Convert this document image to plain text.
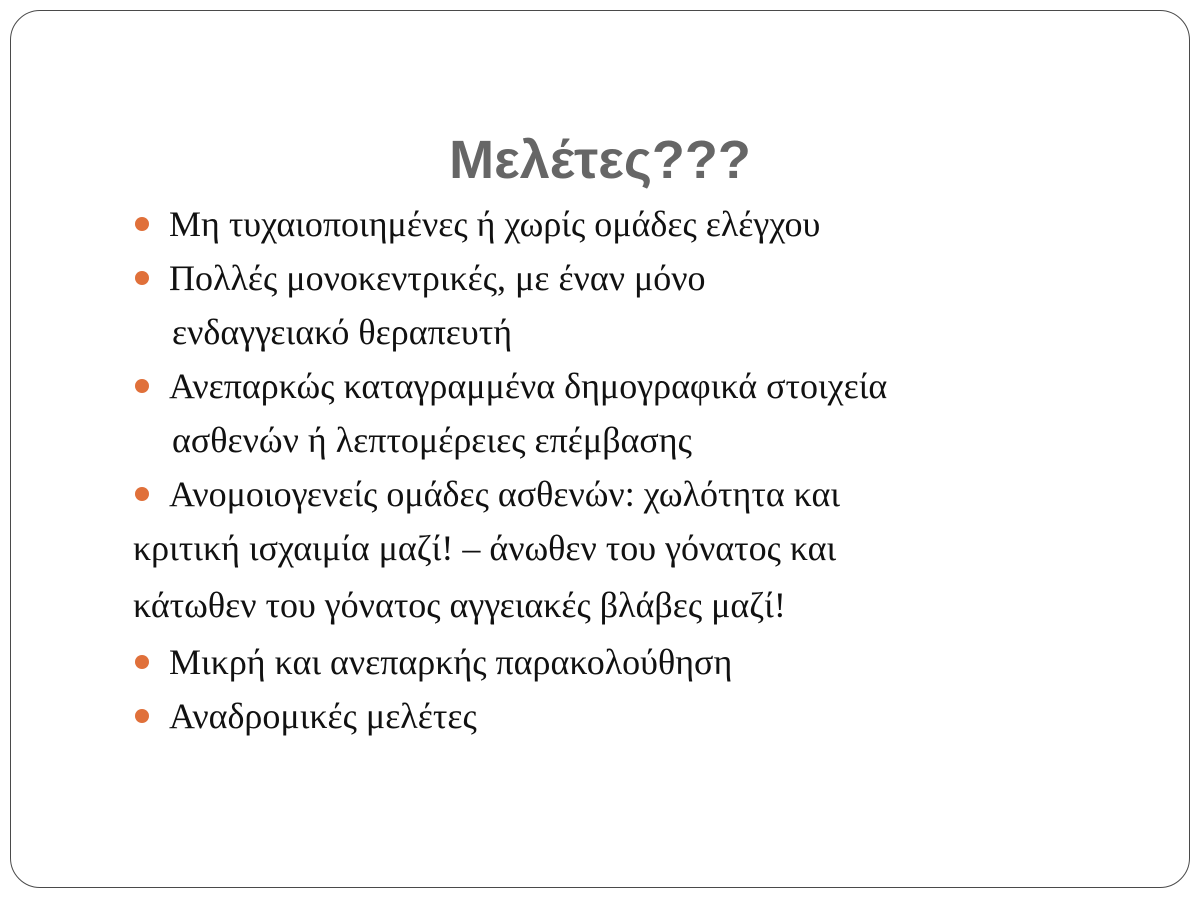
Μελέτες???
Μη τυχαιοποιημένες ή χωρίς ομάδες ελέγχου
Πολλές μονοκεντρικές, με έναν μόνο
ενδαγγειακό θεραπευτή
Ανεπαρκώς καταγραμμένα δημογραφικά στοιχεία
ασθενών ή λεπτομέρειες επέμβασης
Ανομοιογενείς ομάδες ασθενών: χωλότητα και
κριτική ισχαιμία μαζί! – άνωθεν του γόνατος και
κάτωθεν του γόνατος αγγειακές βλάβες μαζί!
Μικρή και ανεπαρκής παρακολούθηση
Αναδρομικές μελέτες
